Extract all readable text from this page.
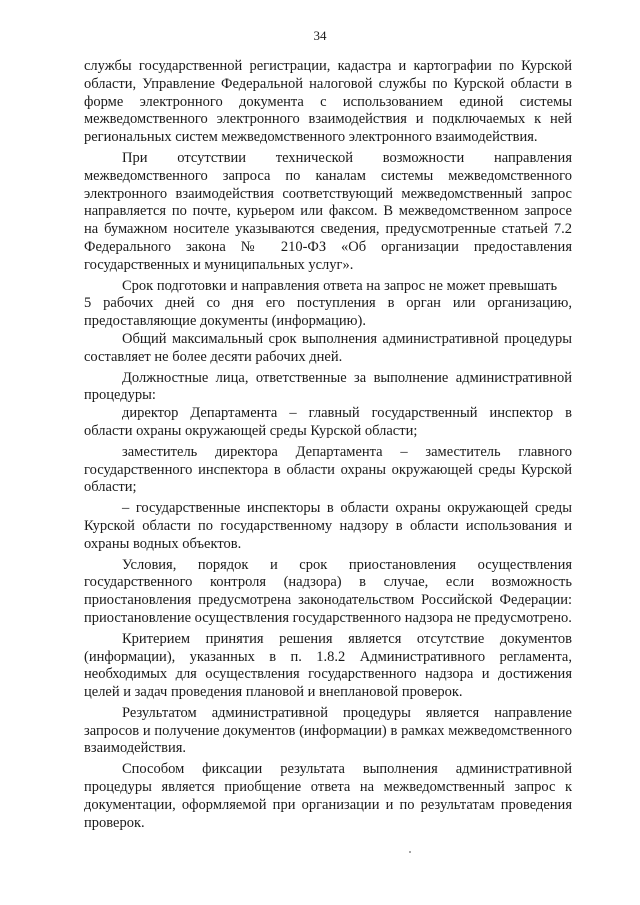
34

службы государственной регистрации, кадастра и картографии по Курской области, Управление Федеральной налоговой службы по Курской области в форме электронного документа с использованием единой системы межведомственного электронного взаимодействия и подключаемых к ней региональных систем межведомственного электронного взаимодействия.

При отсутствии технической возможности направления межведомственного запроса по каналам системы межведомственного электронного взаимодействия соответствующий межведомственный запрос направляется по почте, курьером или факсом. В межведомственном запросе на бумажном носителе указываются сведения, предусмотренные статьей 7.2 Федерального закона № 210-ФЗ «Об организации предоставления государственных и муниципальных услуг».

Срок подготовки и направления ответа на запрос не может превышать

5 рабочих дней со дня его поступления в орган или организацию, предоставляющие документы (информацию).

Общий максимальный срок выполнения административной процедуры составляет не более десяти рабочих дней.

Должностные лица, ответственные за выполнение административной процедуры:

директор Департамента – главный государственный инспектор в области охраны окружающей среды Курской области;

заместитель директора Департамента – заместитель главного государственного инспектора в области охраны окружающей среды Курской области;

– государственные инспекторы в области охраны окружающей среды Курской области по государственному надзору в области использования и охраны водных объектов.

Условия, порядок и срок приостановления осуществления государственного контроля (надзора) в случае, если возможность приостановления предусмотрена законодательством Российской Федерации: приостановление осуществления государственного надзора не предусмотрено.

Критерием принятия решения является отсутствие документов (информации), указанных в п. 1.8.2 Административного регламента, необходимых для осуществления государственного надзора и достижения целей и задач проведения плановой и внеплановой проверок.

Результатом административной процедуры является направление запросов и получение документов (информации) в рамках межведомственного взаимодействия.

Способом фиксации результата выполнения административной процедуры является приобщение ответа на межведомственный запрос к документации, оформляемой при организации и по результатам проведения проверок.
